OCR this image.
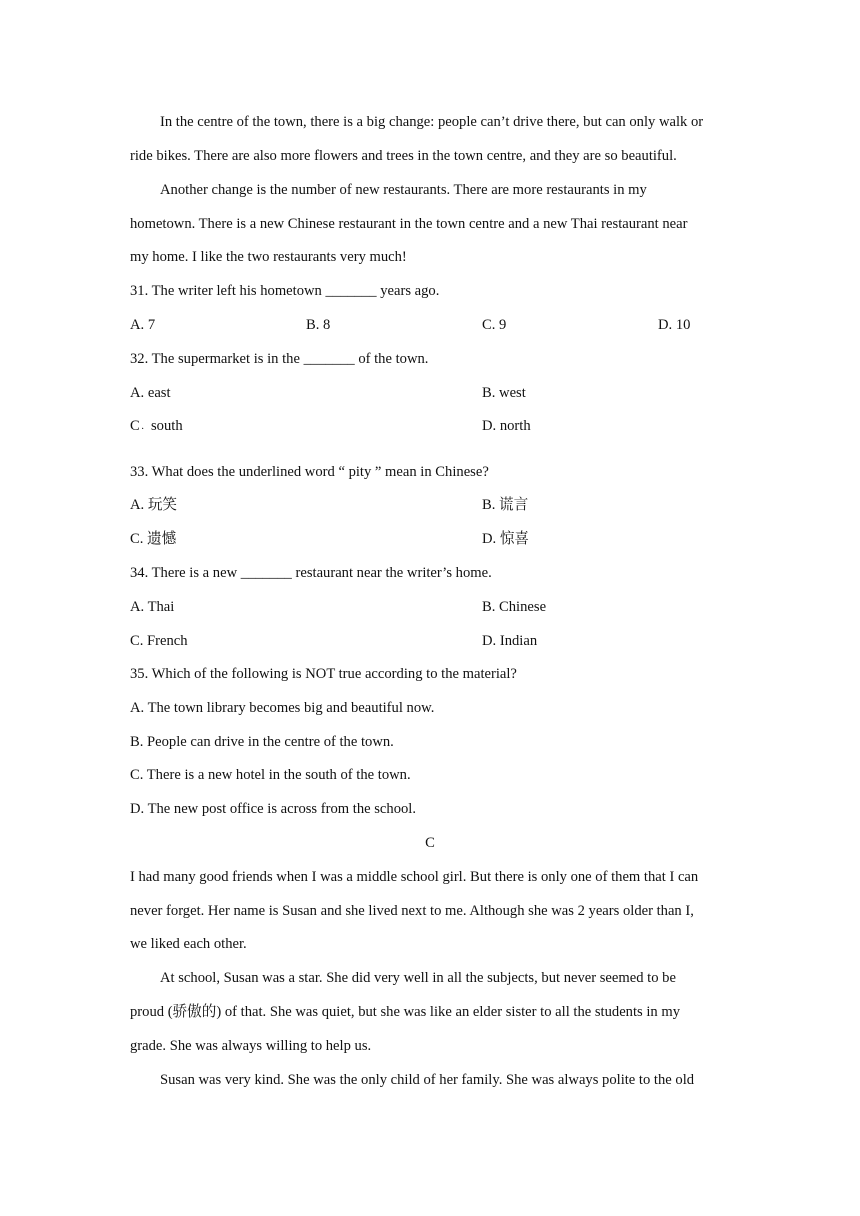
In the centre of the town, there is a big change: people can’t drive there, but can only walk or
ride bikes. There are also more flowers and trees in the town centre, and they are so beautiful.
Another change is the number of new restaurants. There are more restaurants in my
hometown. There is a new Chinese restaurant in the town centre and a new Thai restaurant near
my home. I like the two restaurants very much!
31. The writer left his hometown _______ years ago.
A. 7	B. 8	C. 9	D. 10
32. The supermarket is in the _______ of the town.
A. east	B. west
C · south	D. north
33. What does the underlined word “ pity ” mean in Chinese?
A. 玩笑	B. 谎言
C. 遗憾	D. 惊喜
34. There is a new _______ restaurant near the writer’s home.
A. Thai	B. Chinese
C. French	D. Indian
35. Which of the following is NOT true according to the material?
A. The town library becomes big and beautiful now.
B. People can drive in the centre of the town.
C. There is a new hotel in the south of the town.
D. The new post office is across from the school.
C
I had many good friends when I was a middle school girl. But there is only one of them that I can
never forget. Her name is Susan and she lived next to me. Although she was 2 years older than I,
we liked each other.
At school, Susan was a star. She did very well in all the subjects, but never seemed to be
proud (骄傲的) of that. She was quiet, but she was like an elder sister to all the students in my
grade. She was always willing to help us.
Susan was very kind. She was the only child of her family. She was always polite to the old
